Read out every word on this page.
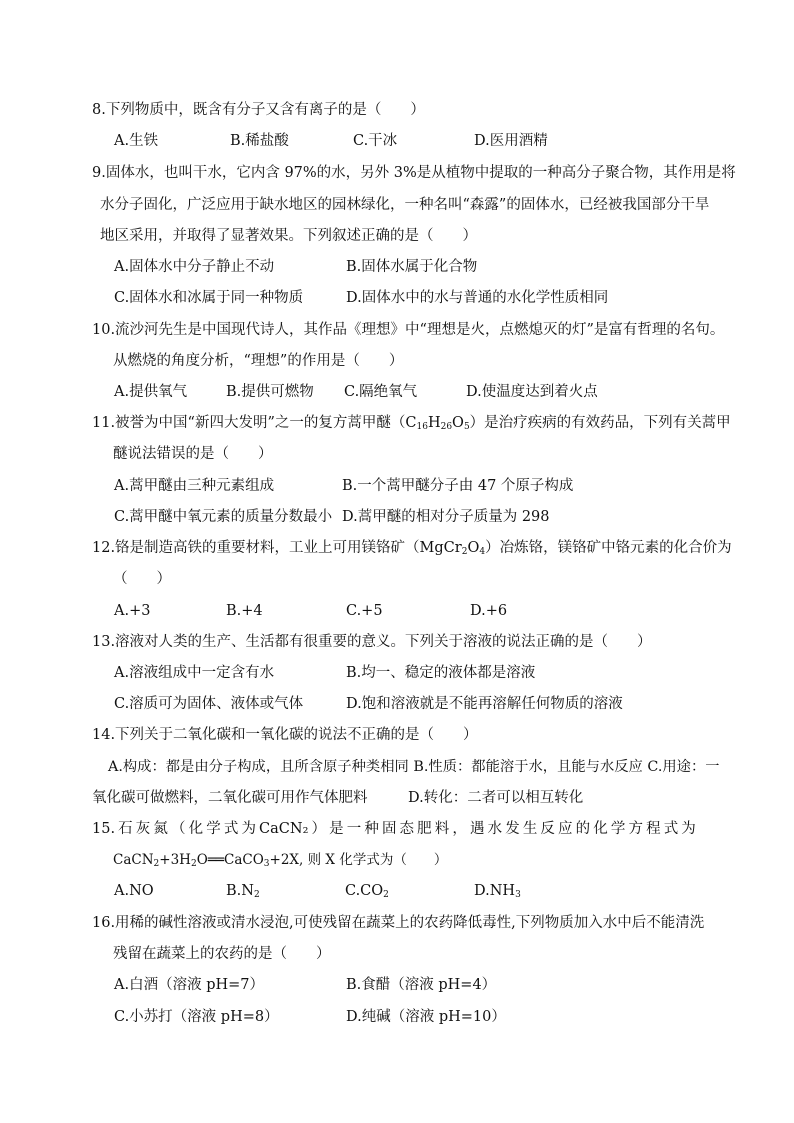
8.下列物质中，既含有分子又含有离子的是（　　）
A.生铁	B.稀盐酸	C.干冰	D.医用酒精
9.固体水，也叫干水，它内含 97%的水，另外 3%是从植物中提取的一种高分子聚合物，其作用是将
水分子固化，广泛应用于缺水地区的园林绿化，一种名叫“森露”的固体水，已经被我国部分干旱
地区采用，并取得了显著效果。下列叙述正确的是（　　）
A.固体水中分子静止不动	B.固体水属于化合物
C.固体水和冰属于同一种物质	D.固体水中的水与普通的水化学性质相同
10.流沙河先生是中国现代诗人，其作品《理想》中“理想是火，点燃熄灭的灯”是富有哲理的名句。
从燃烧的角度分析，“理想”的作用是（　　）
A.提供氧气	B.提供可燃物 C.隔绝氧气	D.使温度达到着火点
11.被誉为中国“新四大发明”之一的复方蒿甲醚$(C_{16}H_{26}O_5)$是治疗疾病的有效药品，下列有关蒿甲
醚说法错误的是（　　）
A.蒿甲醚由三种元素组成	B.一个蒿甲醚分子由 47 个原子构成
C.蒿甲醚中氧元素的质量分数最小 D.蒿甲醚的相对分子质量为 298
12.铬是制造高铁的重要材料，工业上可用镁铬矿$(MgCr_2O_4)$冶炼铬，镁铬矿中铬元素的化合价为
（　　）
A.+3	B.+4	C.+5	D.+6
13.溶液对人类的生产、生活都有很重要的意义。下列关于溶液的说法正确的是（　　）
A.溶液组成中一定含有水	B.均一、稳定的液体都是溶液
C.溶质可为固体、液体或气体	D.饱和溶液就是不能再溶解任何物质的溶液
14.下列关于二氧化碳和一氧化碳的说法不正确的是（　　）
A.构成：都是由分子构成，且所含原子种类相同 B.性质：都能溶于水，且能与水反应 C.用途：一
氧化碳可做燃料，二氧化碳可用作气体肥料	D.转化：二者可以相互转化
15. 石 灰 氮 （ 化 学 式 为 CaCN₂ ） 是 一 种 固 态 肥 料 ， 遇 水 发 生 反 应 的 化 学 方 程 式 为
$CaCN_2+3H_2O══CaCO_3+2X$, 则 X 化学式为（　　）
A.NO	$B.N_2$	$C.CO_2$	$D.NH_3$
16.用稀的碱性溶液或清水浸泡,可使残留在蔬菜上的农药降低毒性,下列物质加入水中后不能清洗
残留在蔬菜上的农药的是（　　）
A.白酒（溶液 pH=7）	B.食醋（溶液 pH=4）
C.小苏打（溶液 pH=8）	D.纯碱（溶液 pH=10）
